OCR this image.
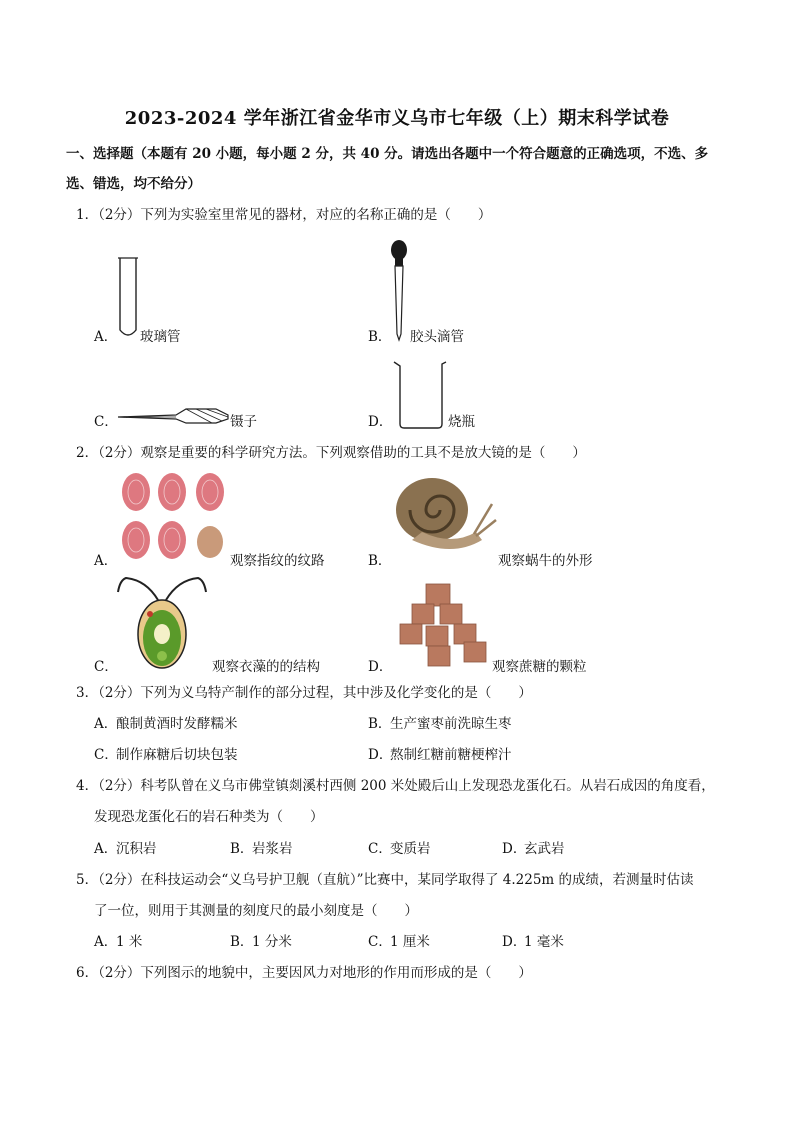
2023-2024 学年浙江省金华市义乌市七年级（上）期末科学试卷
一、选择题（本题有 20 小题，每小题 2 分，共 40 分。请选出各题中一个符合题意的正确选项，不选、多
选、错选，均不给分）
1．（2分）下列为实验室里常见的器材，对应的名称正确的是（　　）
A． 玻璃管	B． 胶头滴管
C．	镊子	D．	烧瓶
2．（2分）观察是重要的科学研究方法。下列观察借助的工具不是放大镜的是（　　）
A．	观察指纹的纹路	B．	观察蜗牛的外形
C．	观察衣藻的的结构	D．	观察蔗糖的颗粒
3．（2分）下列为义乌特产制作的部分过程，其中涉及化学变化的是（　　）
A．
酿制黄酒时发酵糯米	B．
生产蜜枣前洗晾生枣
C．
制作麻糖后切块包装	D．
熬制红糖前糖梗榨汁
4．（2分）科考队曾在义乌市佛堂镇剡溪村西侧 200 米处殿后山上发现恐龙蛋化石。从岩石成因的角度看，
发现恐龙蛋化石的岩石种类为（　　）
A．
沉积岩	B．
岩浆岩	C．
变质岩	D．
玄武岩
5．（2分）在科技运动会“义乌号护卫舰（直航）”比赛中，某同学取得了 4.225m 的成绩，若测量时估读
了一位，则用于其测量的刻度尺的最小刻度是（　　）
A．
1 米	B．
1 分米	C．
1 厘米	D．
1 毫米
6．（2分）下列图示的地貌中，主要因风力对地形的作用而形成的是（　　）
